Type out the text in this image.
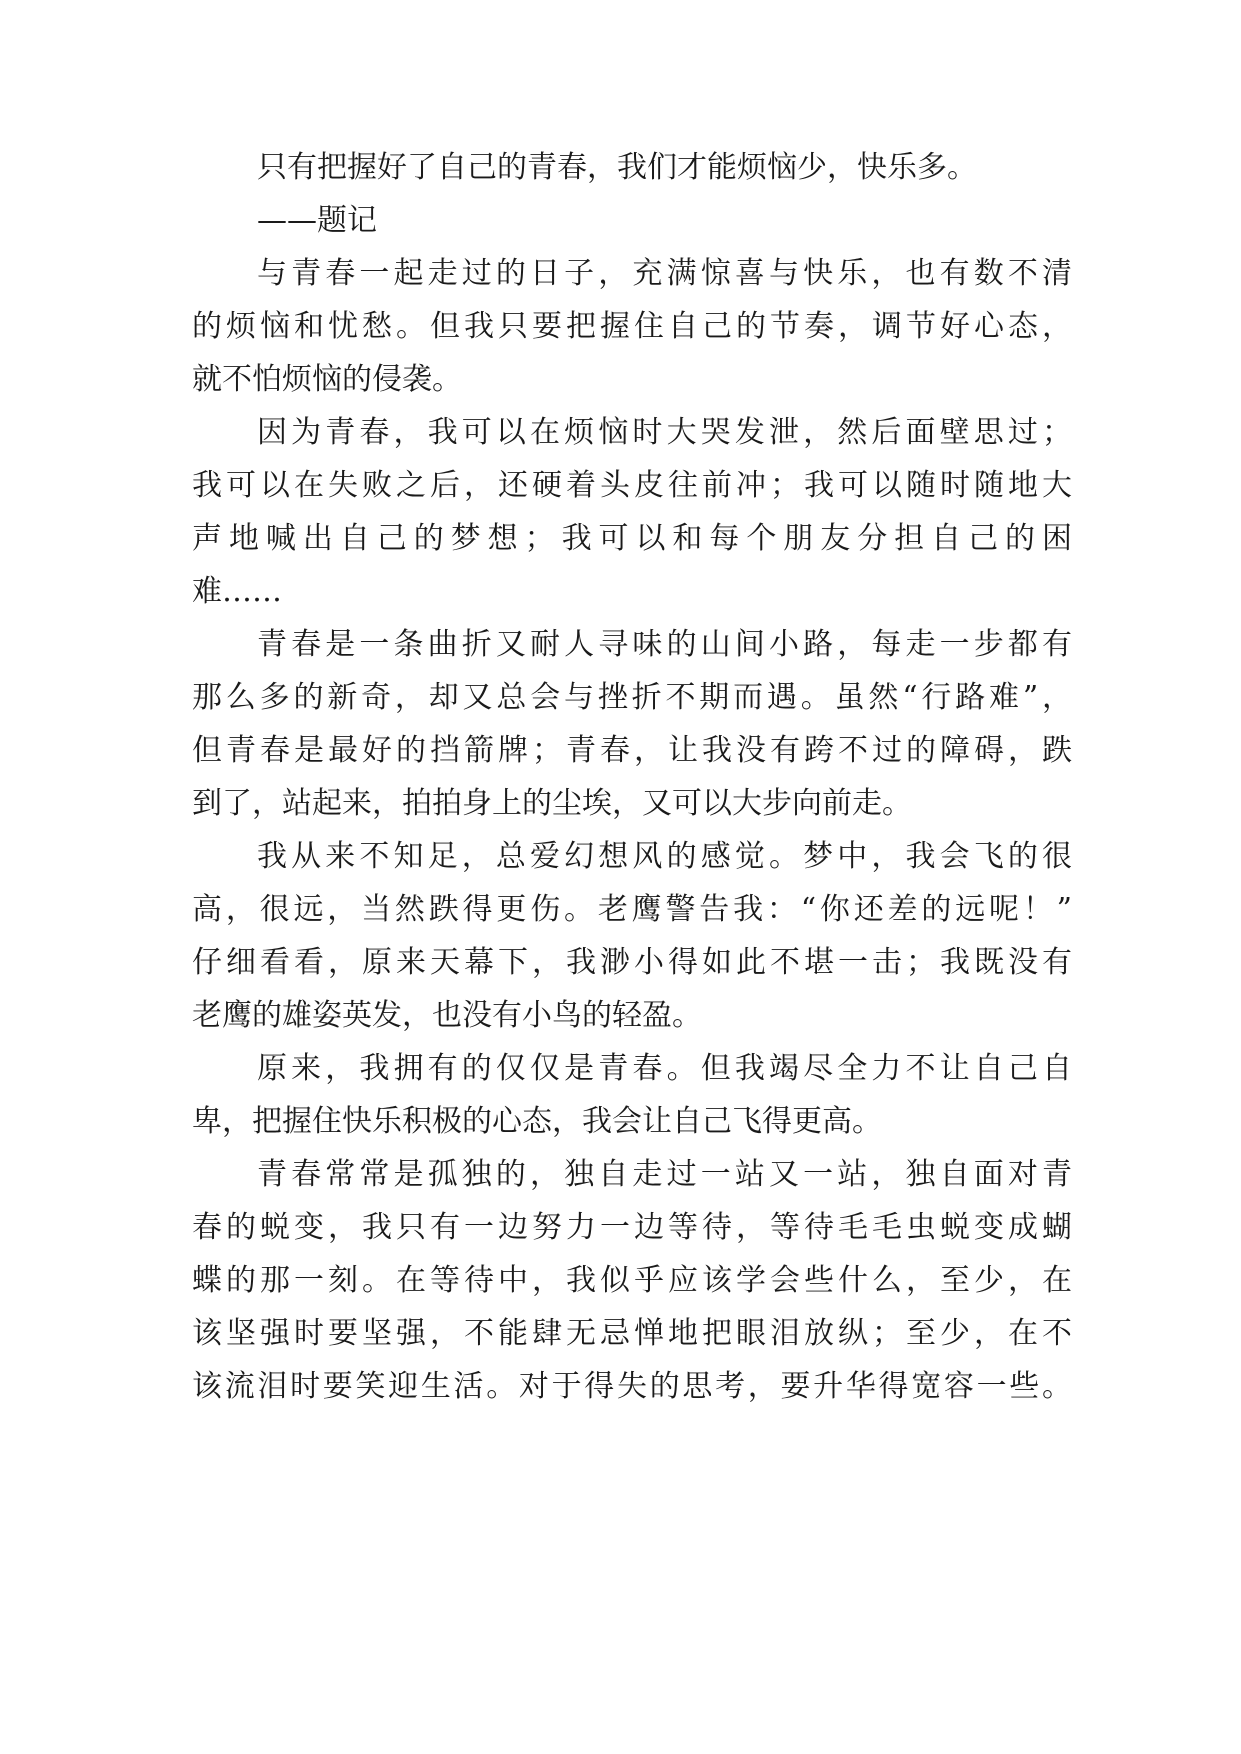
只有把握好了自己的青春，我们才能烦恼少，快乐多。
——题记
与青春一起走过的日子，充满惊喜与快乐，也有数不清
的烦恼和忧愁。但我只要把握住自己的节奏，调节好心态，
就不怕烦恼的侵袭。
因为青春，我可以在烦恼时大哭发泄，然后面壁思过；
我可以在失败之后，还硬着头皮往前冲；我可以随时随地大
声地喊出自己的梦想；我可以和每个朋友分担自己的困
难……
青春是一条曲折又耐人寻味的山间小路，每走一步都有
那么多的新奇，却又总会与挫折不期而遇。虽然“行路难”，
但青春是最好的挡箭牌；青春，让我没有跨不过的障碍，跌
到了，站起来，拍拍身上的尘埃，又可以大步向前走。
我从来不知足，总爱幻想风的感觉。梦中，我会飞的很
高，很远，当然跌得更伤。老鹰警告我：“你还差的远呢！”
仔细看看，原来天幕下，我渺小得如此不堪一击；我既没有
老鹰的雄姿英发，也没有小鸟的轻盈。
原来，我拥有的仅仅是青春。但我竭尽全力不让自己自
卑，把握住快乐积极的心态，我会让自己飞得更高。
青春常常是孤独的，独自走过一站又一站，独自面对青
春的蜕变，我只有一边努力一边等待，等待毛毛虫蜕变成蝴
蝶的那一刻。在等待中，我似乎应该学会些什么，至少，在
该坚强时要坚强，不能肆无忌惮地把眼泪放纵；至少，在不
该流泪时要笑迎生活。对于得失的思考，要升华得宽容一些。
